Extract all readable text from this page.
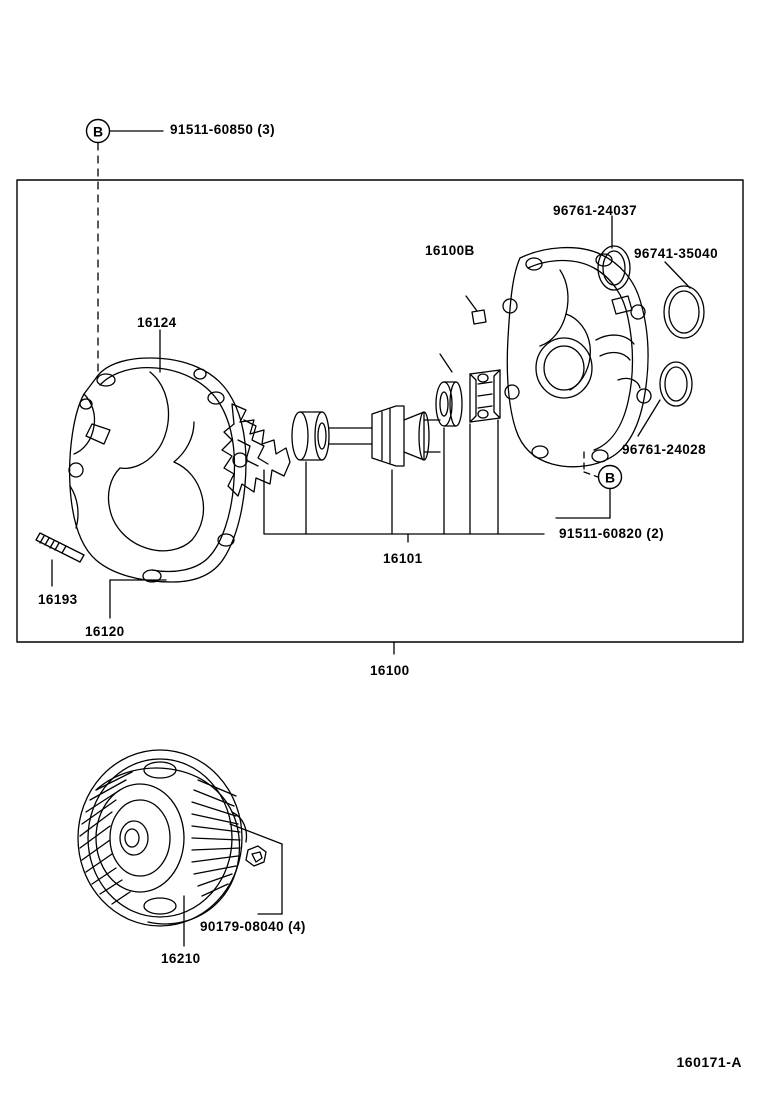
B
B
91511-60850 (3)
96761-24037
96741-35040
16100B
16124
96761-24028
91511-60820 (2)
16101
16193
16120
16100
90179-08040 (4)
16210
160171-A
